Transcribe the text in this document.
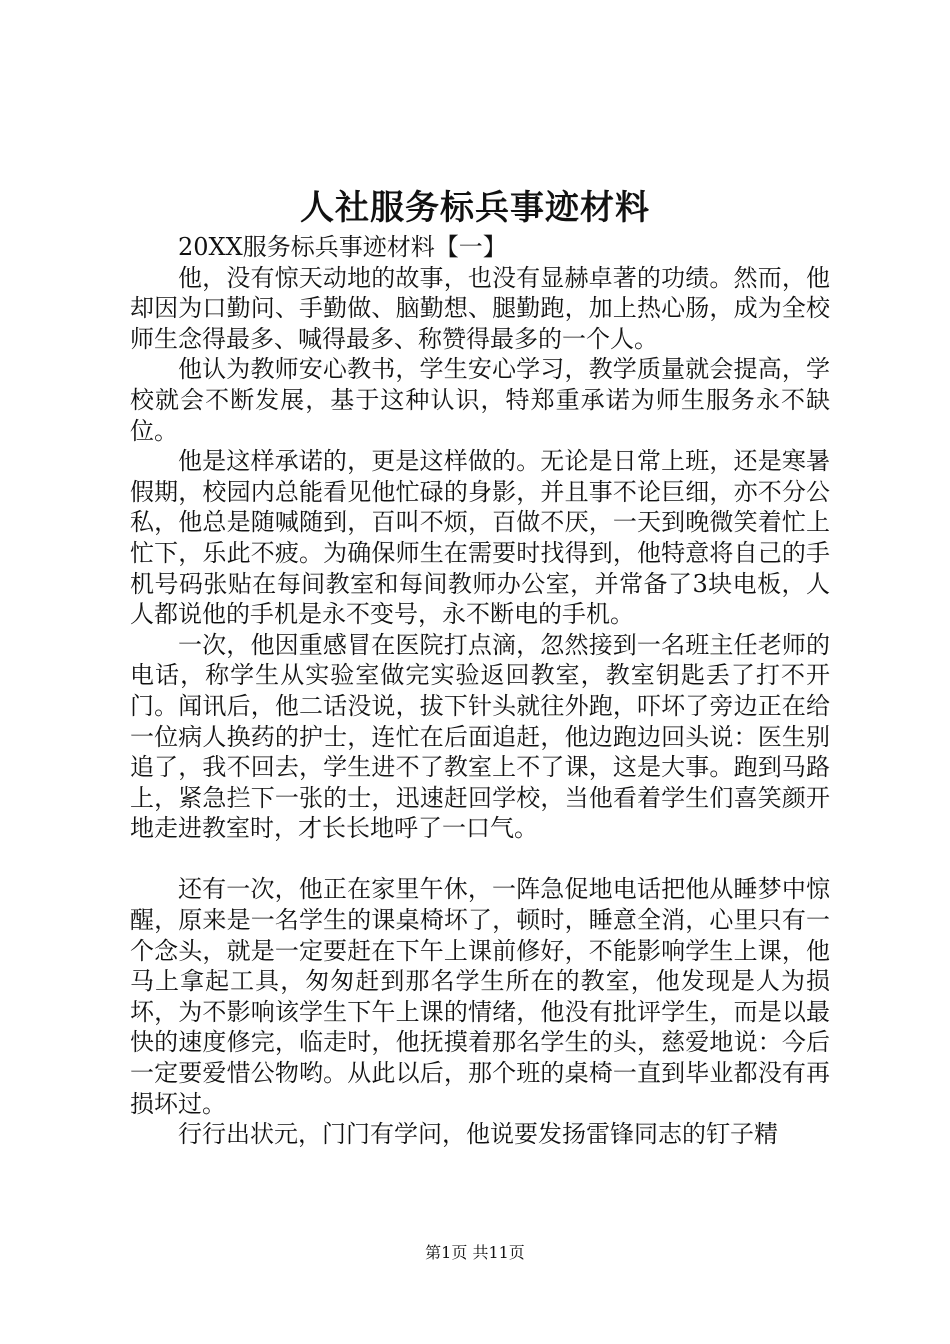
人社服务标兵事迹材料

20XX服务标兵事迹材料【一】

他，没有惊天动地的故事，也没有显赫卓著的功绩。然而，他却因为口勤问、手勤做、脑勤想、腿勤跑，加上热心肠，成为全校师生念得最多、喊得最多、称赞得最多的一个人。

他认为教师安心教书，学生安心学习，教学质量就会提高，学校就会不断发展，基于这种认识，特郑重承诺为师生服务永不缺位。

他是这样承诺的，更是这样做的。无论是日常上班，还是寒暑假期，校园内总能看见他忙碌的身影，并且事不论巨细，亦不分公私，他总是随喊随到，百叫不烦，百做不厌，一天到晚微笑着忙上忙下，乐此不疲。为确保师生在需要时找得到，他特意将自己的手机号码张贴在每间教室和每间教师办公室，并常备了3块电板，人人都说他的手机是永不变号，永不断电的手机。

一次，他因重感冒在医院打点滴，忽然接到一名班主任老师的电话，称学生从实验室做完实验返回教室，教室钥匙丢了打不开门。闻讯后，他二话没说，拔下针头就往外跑，吓坏了旁边正在给一位病人换药的护士，连忙在后面追赶，他边跑边回头说：医生别追了，我不回去，学生进不了教室上不了课，这是大事。跑到马路上，紧急拦下一张的士，迅速赶回学校，当他看着学生们喜笑颜开地走进教室时，才长长地呼了一口气。

还有一次，他正在家里午休，一阵急促地电话把他从睡梦中惊醒，原来是一名学生的课桌椅坏了，顿时，睡意全消，心里只有一个念头，就是一定要赶在下午上课前修好，不能影响学生上课，他马上拿起工具，匆匆赶到那名学生所在的教室，他发现是人为损坏，为不影响该学生下午上课的情绪，他没有批评学生，而是以最快的速度修完，临走时，他抚摸着那名学生的头，慈爱地说：今后一定要爱惜公物哟。从此以后，那个班的桌椅一直到毕业都没有再损坏过。

行行出状元，门门有学问，他说要发扬雷锋同志的钉子精

第1页 共11页
